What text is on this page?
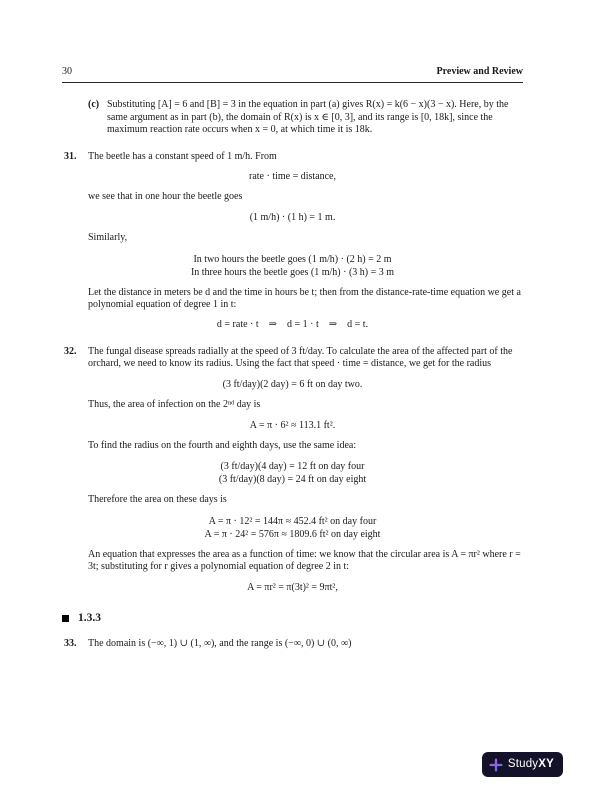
30	Preview and Review
(c) Substituting [A] = 6 and [B] = 3 in the equation in part (a) gives R(x) = k(6 − x)(3 − x). Here, by the same argument as in part (b), the domain of R(x) is x ∈ [0, 3], and its range is [0, 18k], since the maximum reaction rate occurs when x = 0, at which time it is 18k.

31. The beetle has a constant speed of 1 m/h. From

rate · time = distance,

we see that in one hour the beetle goes

(1 m/h) · (1 h) = 1 m.

Similarly,

In two hours the beetle goes (1 m/h) · (2 h) = 2 m
In three hours the beetle goes (1 m/h) · (3 h) = 3 m

Let the distance in meters be d and the time in hours be t; then from the distance-rate-time equation we get a polynomial equation of degree 1 in t:

d = rate · t ⇒ d = 1 · t ⇒ d = t.
32. The fungal disease spreads radially at the speed of 3 ft/day. To calculate the area of the affected part of the orchard, we need to know its radius. Using the fact that speed · time = distance, we get for the radius

(3 ft/day)(2 day) = 6 ft on day two.

Thus, the area of infection on the 2ⁿᵈ day is

A = π · 6² ≈ 113.1 ft².

To find the radius on the fourth and eighth days, use the same idea:

(3 ft/day)(4 day) = 12 ft on day four
(3 ft/day)(8 day) = 24 ft on day eight

Therefore the area on these days is

A = π · 12² = 144π ≈ 452.4 ft² on day four
A = π · 24² = 576π ≈ 1809.6 ft² on day eight

An equation that expresses the area as a function of time: we know that the circular area is A = πr² where r = 3t; substituting for r gives a polynomial equation of degree 2 in t:

A = πr² = π(3t)² = 9πt²,
1.3.3
33. The domain is (−∞, 1) ∪ (1, ∞), and the range is (−∞, 0) ∪ (0, ∞)

StudyXY
